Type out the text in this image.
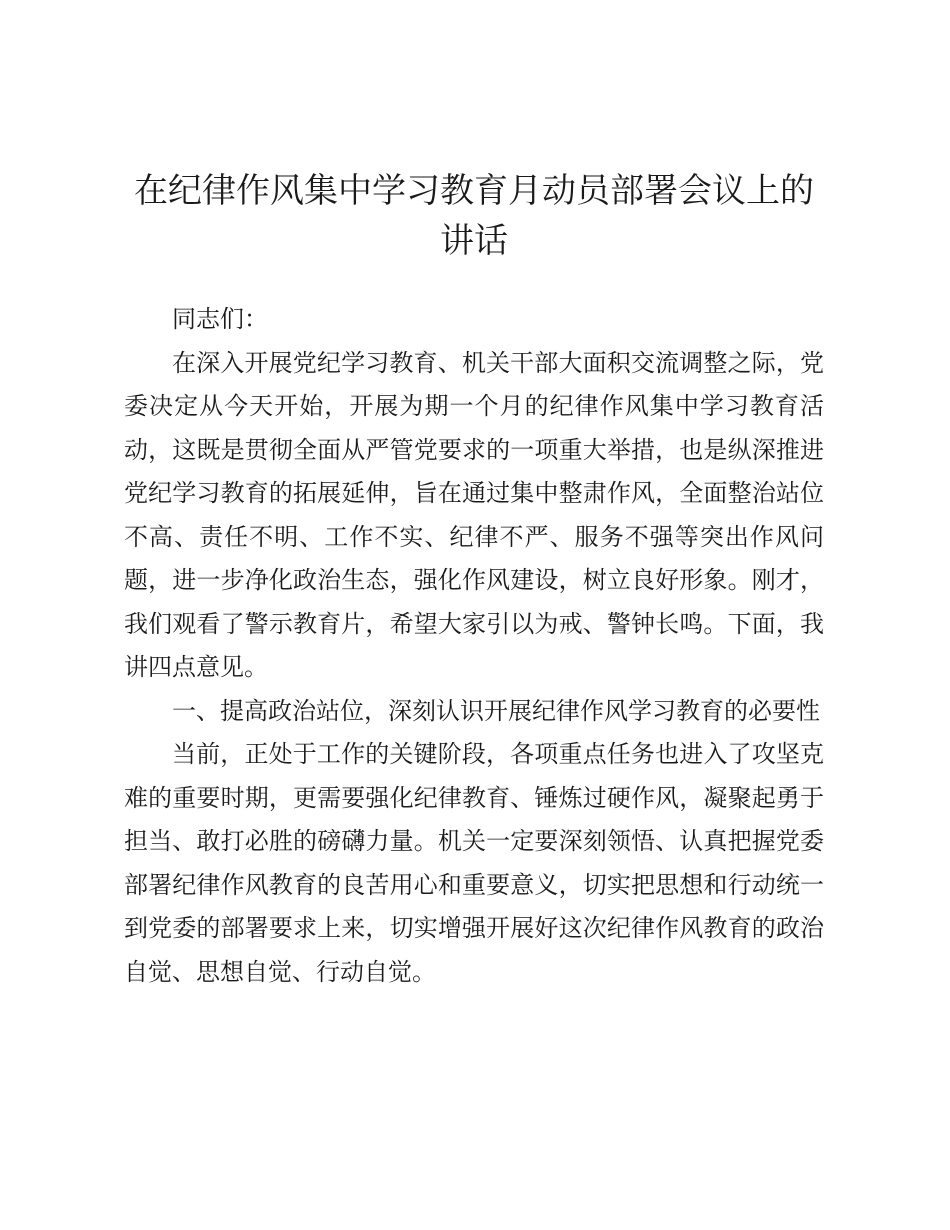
在纪律作风集中学习教育月动员部署会议上的
讲话

同志们：

在深入开展党纪学习教育、机关干部大面积交流调整之际，党委决定从今天开始，开展为期一个月的纪律作风集中学习教育活动，这既是贯彻全面从严管党要求的一项重大举措，也是纵深推进党纪学习教育的拓展延伸，旨在通过集中整肃作风，全面整治站位不高、责任不明、工作不实、纪律不严、服务不强等突出作风问题，进一步净化政治生态，强化作风建设，树立良好形象。刚才，我们观看了警示教育片，希望大家引以为戒、警钟长鸣。下面，我讲四点意见。

一、提高政治站位，深刻认识开展纪律作风学习教育的必要性

当前，正处于工作的关键阶段，各项重点任务也进入了攻坚克难的重要时期，更需要强化纪律教育、锤炼过硬作风，凝聚起勇于担当、敢打必胜的磅礴力量。机关一定要深刻领悟、认真把握党委部署纪律作风教育的良苦用心和重要意义，切实把思想和行动统一到党委的部署要求上来，切实增强开展好这次纪律作风教育的政治自觉、思想自觉、行动自觉。
